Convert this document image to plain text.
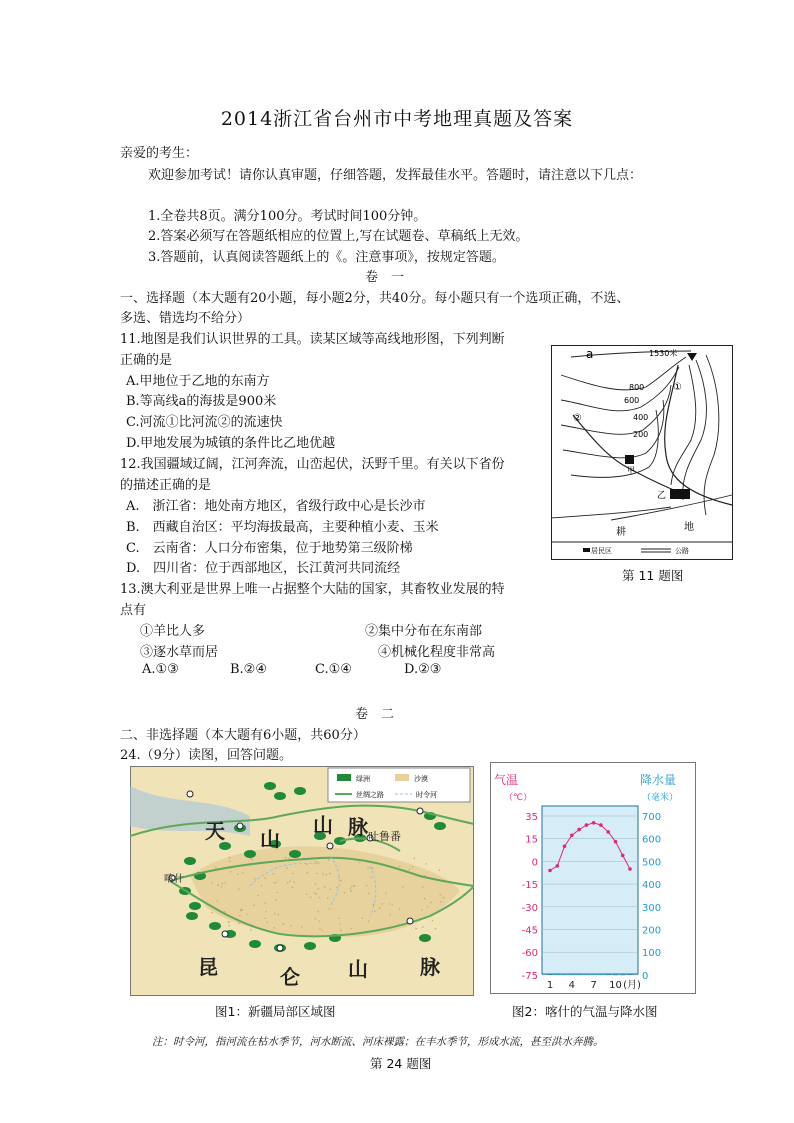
2014浙江省台州市中考地理真题及答案
亲爱的考生：
欢迎参加考试！请你认真审题，仔细答题，发挥最佳水平。答题时，请注意以下几点：
1.全卷共8页。满分100分。考试时间100分钟。
2.答案必须写在答题纸相应的位置上,写在试题卷、草稿纸上无效。
3.答题前，认真阅读答题纸上的《。注意事项》，按规定答题。
卷　一
一、选择题（本大题有20小题，每小题2分，共40分。每小题只有一个选项正确，不选、
多选、错选均不给分）
11.地图是我们认识世界的工具。读某区域等高线地形图，下列判断
正确的是
A.甲地位于乙地的东南方
B.等高线a的海拔是900米
C.河流①比河流②的流速快
D.甲地发展为城镇的条件比乙地优越
12.我国疆域辽阔，江河奔流，山峦起伏，沃野千里。有关以下省份
的描述正确的是
A.　浙江省：地处南方地区，省级行政中心是长沙市
B.　西藏自治区：平均海拔最高，主要种植小麦、玉米
C.　云南省：人口分布密集，位于地势第三级阶梯
D.　四川省：位于西部地区，长江黄河共同流经
13.澳大利亚是世界上唯一占据整个大陆的国家，其畜牧业发展的特
点有
①羊比人多	②集中分布在东南部
③逐水草而居	④机械化程度非常高
A.①③	B.②④	C.①④	D.②③
1530米
a
800
600
400
200
①
②
甲
乙
耕	地
居民区	公路
第 11 题图
卷　二
二、非选择题（本大题有6小题，共60分）
24.（9分）读图，回答问题。
绿洲	沙漠
丝绸之路	时令河
天 山
山 脉
昆	仑 山	脉
吐鲁番
喀什
图1：新疆局部区域图
气温
（℃）
降水量
（毫米）
35	700
15	600
0	500
-15	400
-30	300
-45	200
-60	100
-75	0
1 4 7 10 (月)
图2：喀什的气温与降水图
注：时令河，指河流在枯水季节，河水断流、河床裸露；在丰水季节，形成水流，甚至洪水奔腾。
第 24 题图
